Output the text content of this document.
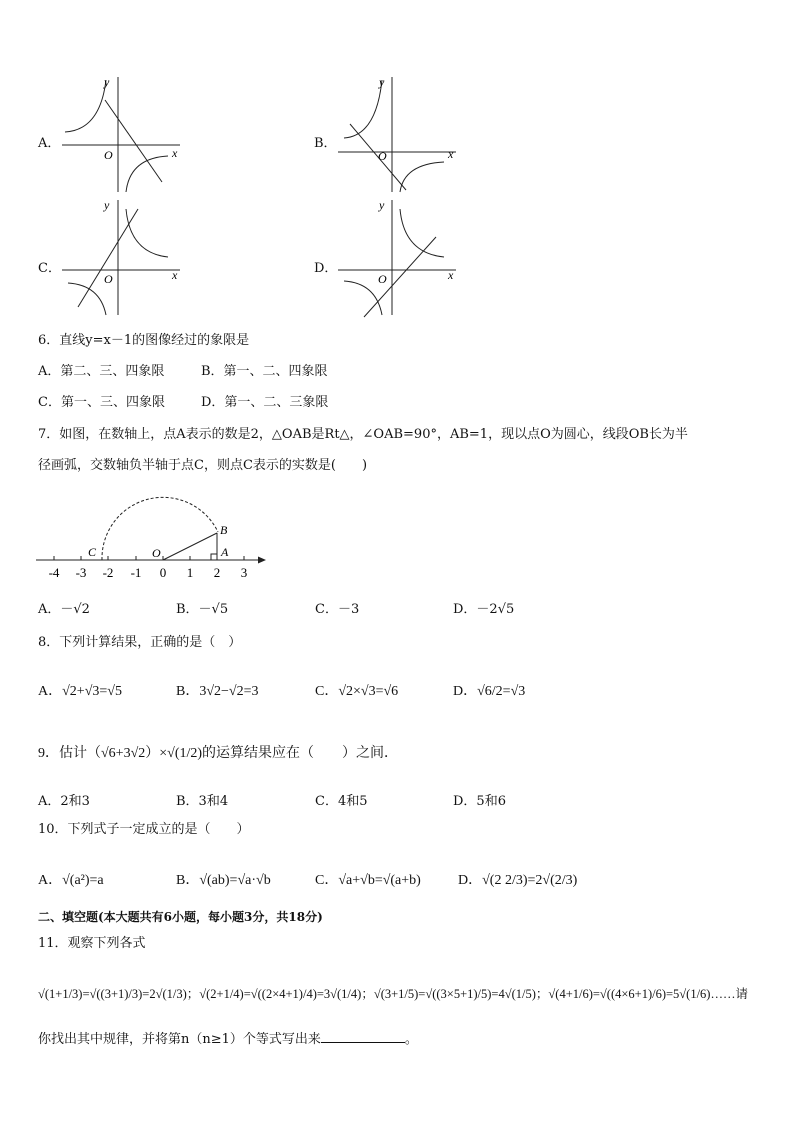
A．
y
x
O
B．
y
x
O
C．
y
x
O
D．
y
x
O
6．直线y=x－1的图像经过的象限是
A．第二、三、四象限	B．第一、二、四象限
C．第一、三、四象限	D．第一、二、三象限
7．如图，在数轴上，点A表示的数是2，△OAB是Rt△，∠OAB=90°，AB=1，现以点O为圆心，线段OB长为半
径画弧，交数轴负半轴于点C，则点C表示的实数是(　　)
-4 -3 -2 -1 0 1 2 3
C	O	A
B
A．－√2	B．－√5	C．－3	D．－2√5
8．下列计算结果，正确的是（　）
A．√2+√3=√5	B．3√2−√2=3	C．√2×√3=√6	D．√6/2=√3
9．估计（√6+3√2）×√(1/2)的运算结果应在（　　）之间．
A．2和3	B．3和4	C．4和5	D．5和6
10．下列式子一定成立的是（　　）
A．√(a²)=a	B．√(ab)=√a·√b	C．√a+√b=√(a+b)	D．√(2 2/3)=2√(2/3)
二、填空题(本大题共有6小题，每小题3分，共18分)
11．观察下列各式
√(1+1/3)=√((3+1)/3)=2√(1/3)；√(2+1/4)=√((2×4+1)/4)=3√(1/4)；√(3+1/5)=√((3×5+1)/5)=4√(1/5)；√(4+1/6)=√((4×6+1)/6)=5√(1/6)……请
你找出其中规律，并将第n（n≥1）个等式写出来	。
